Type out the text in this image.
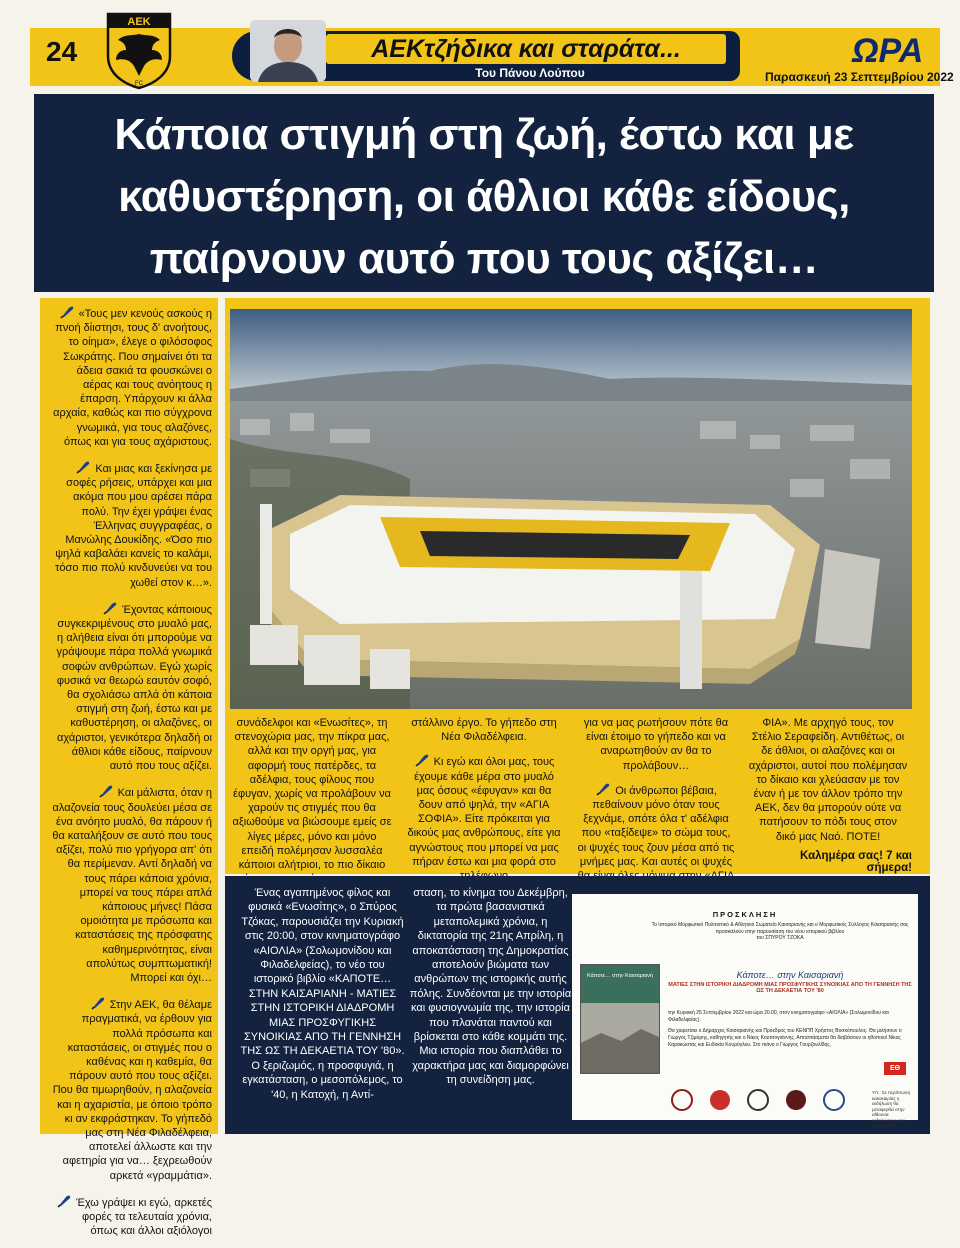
24
ΑΕΚ
FC
ΑΕΚτζήδικα και σταράτα...
Του Πάνου Λούπου
ΩΡΑ
Παρασκευή 23 Σεπτεμβρίου 2022
Κάποια στιγμή στη ζωή, έστω και με καθυστέρηση, οι άθλιοι κάθε είδους, παίρνουν αυτό που τους αξίζει…

«Τους μεν κενούς ασκούς η πνοή δίιστησι, τους δ' ανοήτους, το οίημα», έλεγε ο φιλόσοφος Σωκράτης. Που σημαίνει ότι τα άδεια σακιά τα φουσκώνει ο αέρας και τους ανόητους η έπαρση. Υπάρχουν κι άλλα αρχαία, καθώς και πιο σύγχρονα γνωμικά, για τους αλαζόνες, όπως και για τους αχάριστους.

Και μιας και ξεκίνησα με σοφές ρήσεις, υπάρχει και μια ακόμα που μου αρέσει πάρα πολύ. Την έχει γράψει ένας Έλληνας συγγραφέας, ο Μανώλης Δουκίδης. «Όσο πιο ψηλά καβαλάει κανείς το καλάμι, τόσο πιο πολύ κινδυνεύει να του χωθεί στον κ…».

Έχοντας κάποιους συγκεκριμένους στο μυαλό μας, η αλήθεια είναι ότι μπορούμε να γράψουμε πάρα πολλά γνωμικά σοφών ανθρώπων. Εγώ χωρίς φυσικά να θεωρώ εαυτόν σοφό, θα σχολιάσω απλά ότι κάποια στιγμή στη ζωή, έστω και με καθυστέρηση, οι αλαζόνες, οι αχάριστοι, γενικότερα δηλαδή οι άθλιοι κάθε είδους, παίρνουν αυτό που τους αξίζει.

Και μάλιστα, όταν η αλαζονεία τους δουλεύει μέσα σε ένα ανόητο μυαλό, θα πάρουν ή θα καταλήξουν σε αυτό που τους αξίζει, πολύ πιο γρήγορα απ' ότι θα περίμεναν. Αντί δηλαδή να τους πάρει κάποια χρόνια, μπορεί να τους πάρει απλά κάποιους μήνες! Πάσα ομοιότητα με πρόσωπα και καταστάσεις της πρόσφατης καθημερινότητας, είναι απολύτως συμπτωματική! Μπορεί και όχι…

Στην ΑΕΚ, θα θέλαμε πραγματικά, να έρθουν για πολλά πρόσωπα και καταστάσεις, οι στιγμές που ο καθένας και η καθεμία, θα πάρουν αυτό που τους αξίζει. Που θα τιμωρηθούν, η αλαζονεία και η αχαριστία, με όποιο τρόπο κι αν εκφράστηκαν. Το γήπεδό μας στη Νέα Φιλαδέλφεια, αποτελεί άλλωστε και την αφετηρία για να… ξεχρεωθούν αρκετά «γραμμάτια».

Έχω γράψει κι εγώ, αρκετές φορές τα τελευταία χρόνια, όπως και άλλοι αξιόλογοι

συνάδελφοι και «Ενωσίτες», τη στενοχώρια μας, την πίκρα μας, αλλά και την οργή μας, για αφορμή τους πατέρδες, τα αδέλφια, τους φίλους που έφυγαν, χωρίς να προλάβουν να χαρούν τις στιγμές που θα αξιωθούμε να βιώσουμε εμείς σε λίγες μέρες, μόνο και μόνο επειδή πολέμησαν λυσσαλέα κάποιοι αλήτριοι, το πιο δίκαιο

στάλλινο έργο. Το γήπεδο στη Νέα Φιλαδέλφεια.

Κι εγώ και όλοι μας, τους έχουμε κάθε μέρα στο μυαλό μας όσους «έφυγαν» και θα δουν από ψηλά, την «ΑΓΙΑ ΣΟΦΙΑ». Είτε πρόκειται για δικούς μας ανθρώπους, είτε για αγνώστους που μπορεί να μας πήραν έστω και μια φορά στο

για να μας ρωτήσουν πότε θα είναι έτοιμο το γήπεδο και να αναρωτηθούν αν θα το προλάβουν…

Οι άνθρωποι βέβαια, πεθαίνουν μόνο όταν τους ξεχνάμε, οπότε όλα τ' αδέλφια που «ταξίδεψε» το σώμα τους, οι ψυχές τους ζουν μέσα από τις μνήμες μας. Και αυτές οι ψυχές

ΦΙΑ». Με αρχηγό τους, τον Στέλιο Σεραφείδη. Αντιθέτως, οι δε άθλιοι, οι αλαζόνες και οι αχάριστοι, αυτοί που πολέμησαν το δίκαιο και χλεύασαν με τον έναν ή με τον άλλον τρόπο την ΑΕΚ, δεν θα μπορούν ούτε να πατήσουν το πόδι τους στον δικό μας Ναό. ΠΟΤΕ!

Καλημέρα σας! 7 και σήμερα!
Ένας αγαπημένος φίλος και φυσικά «Ενωσίτης», ο Σπύρος Τζόκας, παρουσιάζει την Κυριακή στις 20:00, στον κινηματογράφο «ΑΙΟΛΙΑ» (Σολωμονίδου και Φιλαδελφείας), το νέο του ιστορικό βιβλίο «ΚΑΠΟΤΕ… ΣΤΗΝ ΚΑΙΣΑΡΙΑΝΗ - ΜΑΤΙΕΣ ΣΤΗΝ ΙΣΤΟΡΙΚΗ ΔΙΑΔΡΟΜΗ ΜΙΑΣ ΠΡΟΣΦΥΓΙΚΗΣ ΣΥΝΟΙΚΙΑΣ ΑΠΟ ΤΗ ΓΕΝΝΗΣΗ ΤΗΣ ΩΣ ΤΗ ΔΕΚΑΕΤΙΑ ΤΟΥ '80». Ο ξεριζωμός, η προσφυγιά, η εγκατάσταση, ο μεσοπόλεμος, το '40, η Κατοχή, η Αντί-
σταση, το κίνημα του Δεκέμβρη, τα πρώτα βασανιστικά μεταπολεμικά χρόνια, η δικτατορία της 21ης Απρίλη, η αποκατάσταση της Δημοκρατίας αποτελούν βιώματα των ανθρώπων της ιστορικής αυτής πόλης. Συνδέονται με την ιστορία και φυσιογνωμία της, την ιστορία που πλανάται παντού και βρίσκεται στο κάθε κομμάτι της. Μια ιστορία που διαπλάθει το χαρακτήρα μας και διαμορφώνει τη συνείδηση μας.
ΠΡΟΣΚΛΗΣΗ
Το Ιστορικό Μορφωτικό Πολιτιστικό & Αθλητικό Σωματείο Καισαριανής και ο Μορφωτικός Σύλλογος Καισαριανής σας προσκαλούν στην παρουσίαση του νέου ιστορικού βιβλίου
του ΣΠΥΡΟΥ ΤΖΟΚΑ
Κάποτε… στην Καισαριανή	Κάποτε… στην Καισαριανή
ΜΑΤΙΕΣ ΣΤΗΝ ΙΣΤΟΡΙΚΗ ΔΙΑΔΡΟΜΗ ΜΙΑΣ ΠΡΟΣΦΥΓΙΚΗΣ ΣΥΝΟΙΚΙΑΣ ΑΠΟ ΤΗ ΓΕΝΝΗΣΗ ΤΗΣ ΩΣ ΤΗ ΔΕΚΑΕΤΙΑ ΤΟΥ '80
την Κυριακή 25 Σεπτεμβρίου 2022 και ώρα 20.00, στον κινηματογράφο «ΑΙΟΛΙΑ» (Σολωμονίδου και Φιλαδελφείας).
Θα χαιρετίσει ο Δήμαρχος Καισαριανής και Πρόεδρος του ΚΕΝΠΠ Χρήστος Βοσκόπουλος. Θα μιλήσουν ο Γιώργος Τζιμόρης, καθηγητής και ο Νίκος Κουτσογιάννης. Αποσπάσματα θα διαβάσουν οι ηθοποιοί Νίκος Καρακώστας και Ευδοκία Κουρόγλου. Στο πιάνο ο Γιώργος Γουρζουλίδης.
ΕΘ
Υπ.: Σε περίπτωση κακοκαιρίας η εκδήλωση θα μεταφερθεί στην αίθουσα εκδηλώσεων του Δημαρχείου.
